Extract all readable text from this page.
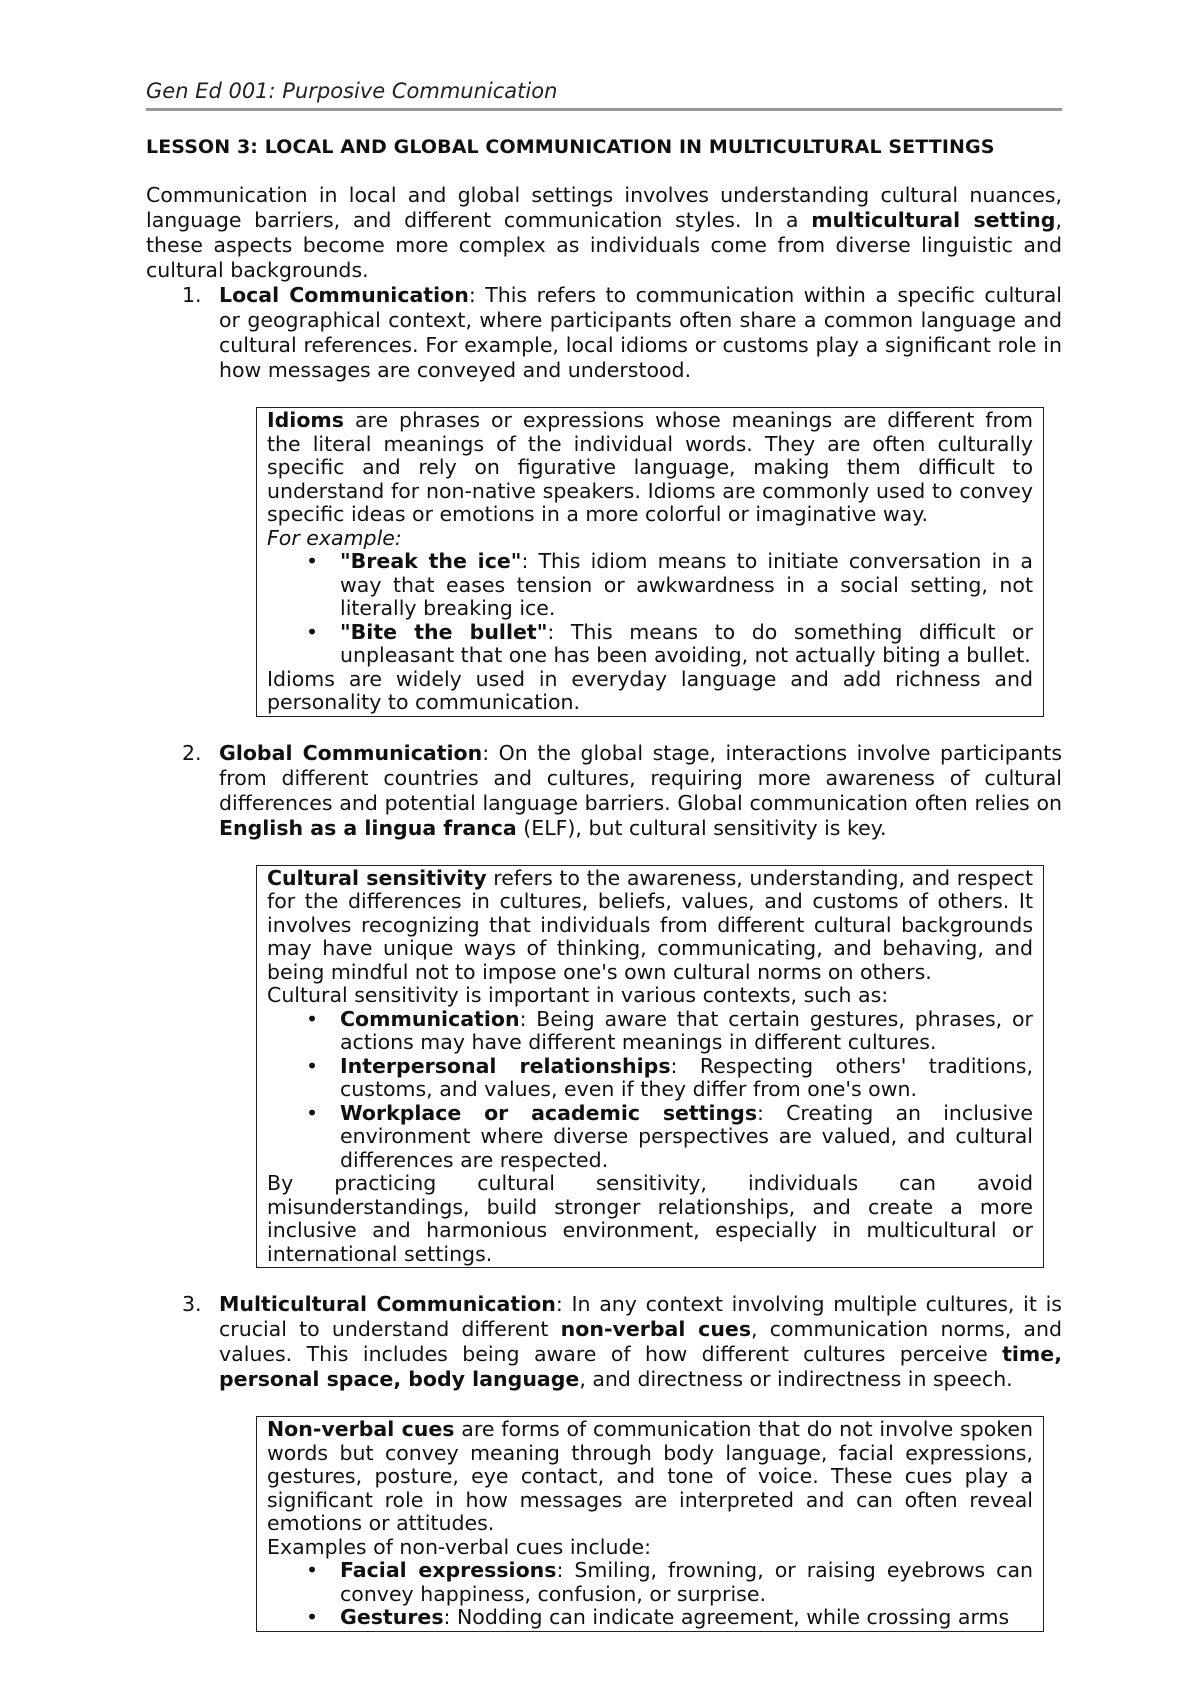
Gen Ed 001: Purposive Communication
LESSON 3: LOCAL AND GLOBAL COMMUNICATION IN MULTICULTURAL SETTINGS

Communication in local and global settings involves understanding cultural nuances, language barriers, and different communication styles. In a multicultural setting, these aspects become more complex as individuals come from diverse linguistic and cultural backgrounds.

1. Local Communication: This refers to communication within a specific cultural or geographical context, where participants often share a common language and cultural references. For example, local idioms or customs play a significant role in how messages are conveyed and understood.

Idioms are phrases or expressions whose meanings are different from the literal meanings of the individual words. They are often culturally specific and rely on figurative language, making them difficult to understand for non-native speakers. Idioms are commonly used to convey specific ideas or emotions in a more colorful or imaginative way.

For example:

• "Break the ice": This idiom means to initiate conversation in a way that eases tension or awkwardness in a social setting, not literally breaking ice.
• "Bite the bullet": This means to do something difficult or unpleasant that one has been avoiding, not actually biting a bullet.

Idioms are widely used in everyday language and add richness and personality to communication.

2. Global Communication: On the global stage, interactions involve participants from different countries and cultures, requiring more awareness of cultural differences and potential language barriers. Global communication often relies on English as a lingua franca (ELF), but cultural sensitivity is key.

Cultural sensitivity refers to the awareness, understanding, and respect for the differences in cultures, beliefs, values, and customs of others. It involves recognizing that individuals from different cultural backgrounds may have unique ways of thinking, communicating, and behaving, and being mindful not to impose one's own cultural norms on others.

Cultural sensitivity is important in various contexts, such as:

• Communication: Being aware that certain gestures, phrases, or actions may have different meanings in different cultures.
• Interpersonal relationships: Respecting others' traditions, customs, and values, even if they differ from one's own.
• Workplace or academic settings: Creating an inclusive environment where diverse perspectives are valued, and cultural differences are respected.

By practicing cultural sensitivity, individuals can avoid misunderstandings, build stronger relationships, and create a more inclusive and harmonious environment, especially in multicultural or international settings.

3. Multicultural Communication: In any context involving multiple cultures, it is crucial to understand different non-verbal cues, communication norms, and values. This includes being aware of how different cultures perceive time, personal space, body language, and directness or indirectness in speech.

Non-verbal cues are forms of communication that do not involve spoken words but convey meaning through body language, facial expressions, gestures, posture, eye contact, and tone of voice. These cues play a significant role in how messages are interpreted and can often reveal emotions or attitudes.

Examples of non-verbal cues include:

• Facial expressions: Smiling, frowning, or raising eyebrows can convey happiness, confusion, or surprise.
• Gestures: Nodding can indicate agreement, while crossing arms
